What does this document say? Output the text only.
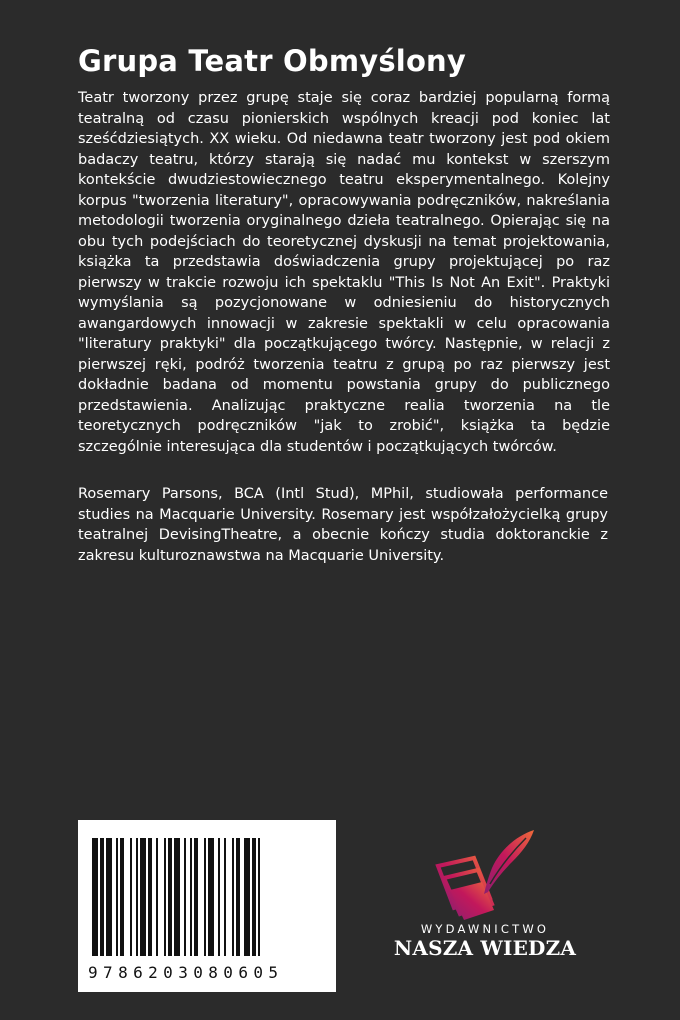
Grupa Teatr Obmyślony

Teatr tworzony przez grupę staje się coraz bardziej popularną formą teatralną od czasu pionierskich wspólnych kreacji pod koniec lat sześćdziesiątych. XX wieku. Od niedawna teatr tworzony jest pod okiem badaczy teatru, którzy starają się nadać mu kontekst w szerszym kontekście dwudziestowiecznego teatru eksperymentalnego. Kolejny korpus "tworzenia literatury", opracowywania podręczników, nakreślania metodologii tworzenia oryginalnego dzieła teatralnego. Opierając się na obu tych podejściach do teoretycznej dyskusji na temat projektowania, książka ta przedstawia doświadczenia grupy projektującej po raz pierwszy w trakcie rozwoju ich spektaklu "This Is Not An Exit". Praktyki wymyślania są pozycjonowane w odniesieniu do historycznych awangardowych innowacji w zakresie spektakli w celu opracowania "literatury praktyki" dla początkującego twórcy. Następnie, w relacji z pierwszej ręki, podróż tworzenia teatru z grupą po raz pierwszy jest dokładnie badana od momentu powstania grupy do publicznego przedstawienia. Analizując praktyczne realia tworzenia na tle teoretycznych podręczników "jak to zrobić", książka ta będzie szczególnie interesująca dla studentów i początkujących twórców.

Rosemary Parsons, BCA (Intl Stud), MPhil, studiowała performance studies na Macquarie University. Rosemary jest współzałożycielką grupy teatralnej DevisingTheatre, a obecnie kończy studia doktoranckie z zakresu kulturoznawstwa na Macquarie University.

9786203080605
WYDAWNICTWO
NASZA WIEDZA
